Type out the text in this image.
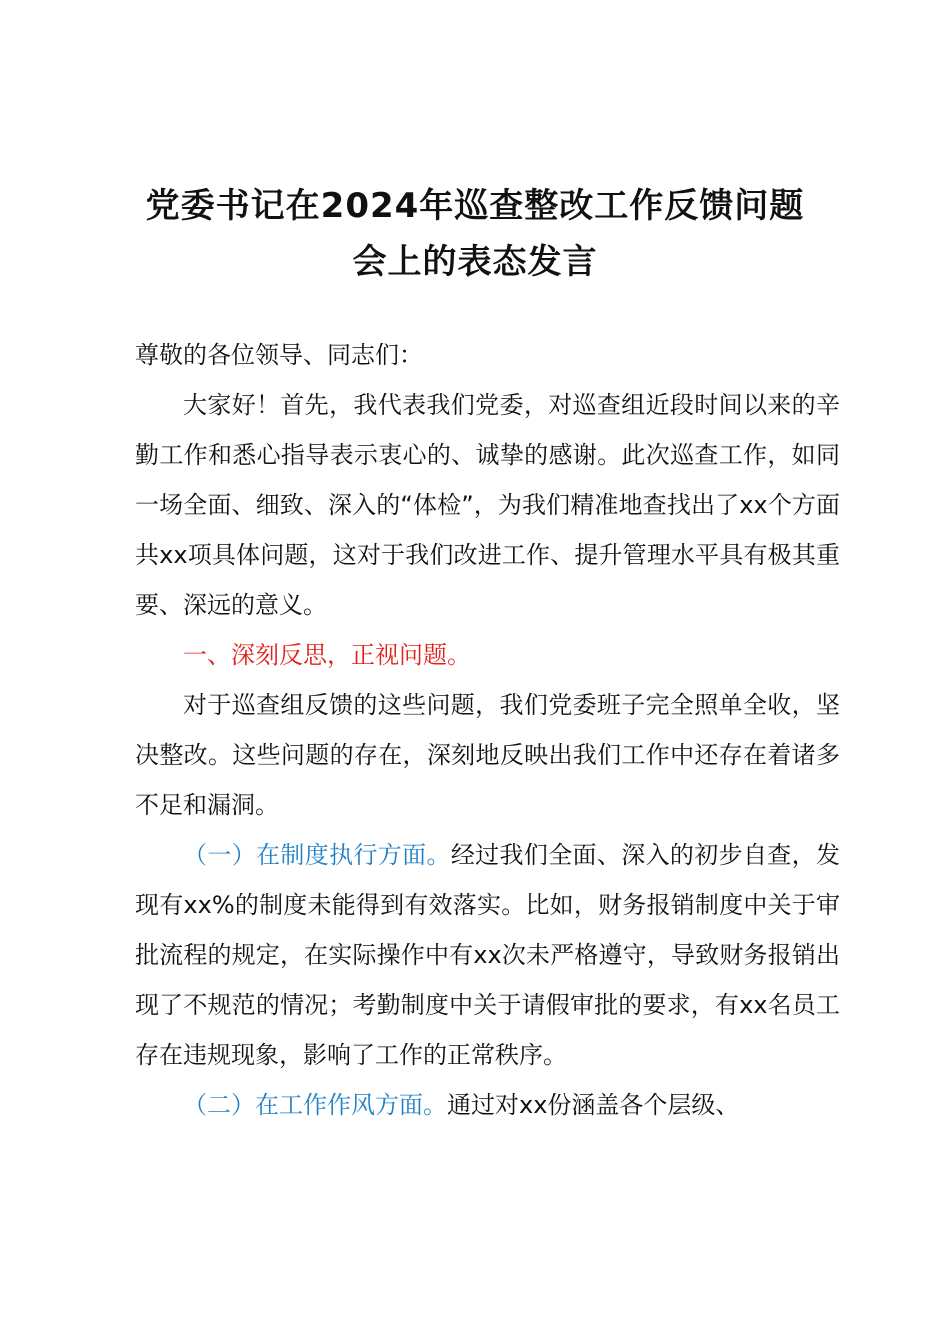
党委书记在2024年巡查整改工作反馈问题
会上的表态发言

尊敬的各位领导、同志们：

大家好！首先，我代表我们党委，对巡查组近段时间以来的辛勤工作和悉心指导表示衷心的、诚挚的感谢。此次巡查工作，如同一场全面、细致、深入的“体检”，为我们精准地查找出了xx个方面共xx项具体问题，这对于我们改进工作、提升管理水平具有极其重要、深远的意义。

一、深刻反思，正视问题。

对于巡查组反馈的这些问题，我们党委班子完全照单全收，坚决整改。这些问题的存在，深刻地反映出我们工作中还存在着诸多不足和漏洞。

（一）在制度执行方面。经过我们全面、深入的初步自查，发现有xx%的制度未能得到有效落实。比如，财务报销制度中关于审批流程的规定，在实际操作中有xx次未严格遵守，导致财务报销出现了不规范的情况；考勤制度中关于请假审批的要求，有xx名员工存在违规现象，影响了工作的正常秩序。

（二）在工作作风方面。通过对xx份涵盖各个层级、
